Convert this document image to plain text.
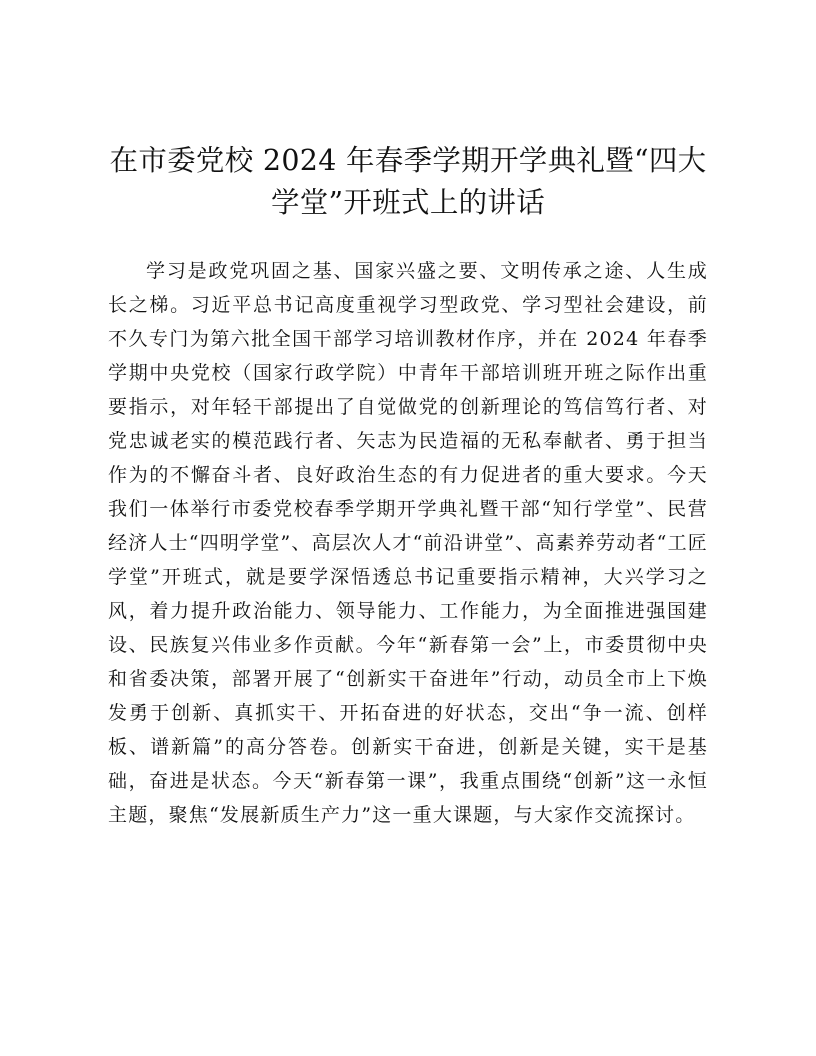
在市委党校 2024 年春季学期开学典礼暨“四大学堂”开班式上的讲话

学习是政党巩固之基、国家兴盛之要、文明传承之途、人生成长之梯。习近平总书记高度重视学习型政党、学习型社会建设，前不久专门为第六批全国干部学习培训教材作序，并在 2024 年春季学期中央党校（国家行政学院）中青年干部培训班开班之际作出重要指示，对年轻干部提出了自觉做党的创新理论的笃信笃行者、对党忠诚老实的模范践行者、矢志为民造福的无私奉献者、勇于担当作为的不懈奋斗者、良好政治生态的有力促进者的重大要求。今天我们一体举行市委党校春季学期开学典礼暨干部“知行学堂”、民营经济人士“四明学堂”、高层次人才“前沿讲堂”、高素养劳动者“工匠学堂”开班式，就是要学深悟透总书记重要指示精神，大兴学习之风，着力提升政治能力、领导能力、工作能力，为全面推进强国建设、民族复兴伟业多作贡献。今年“新春第一会”上，市委贯彻中央和省委决策，部署开展了“创新实干奋进年”行动，动员全市上下焕发勇于创新、真抓实干、开拓奋进的好状态，交出“争一流、创样板、谱新篇”的高分答卷。创新实干奋进，创新是关键，实干是基础，奋进是状态。今天“新春第一课”，我重点围绕“创新”这一永恒主题，聚焦“发展新质生产力”这一重大课题，与大家作交流探讨。
